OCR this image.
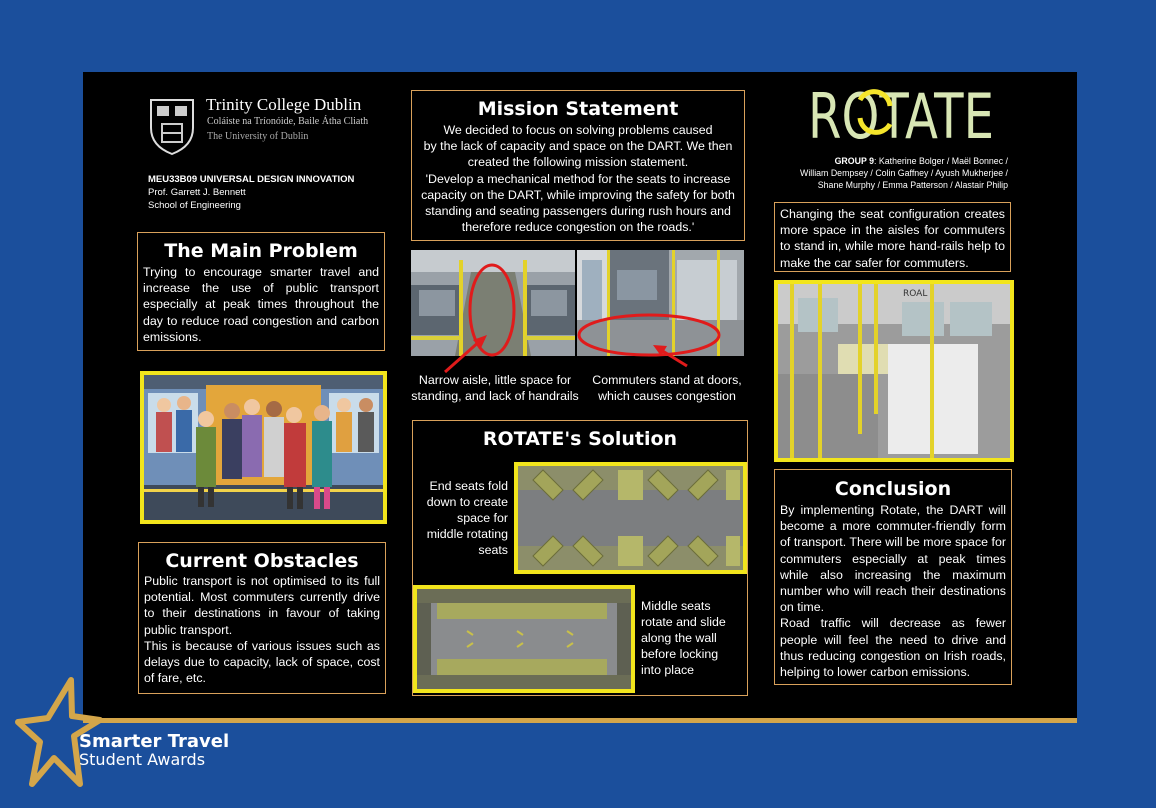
Trinity College Dublin
Coláiste na Tríonóide, Baile Átha Cliath
The University of Dublin
MEU33B09 UNIVERSAL DESIGN INNOVATION
Prof. Garrett J. Bennett
School of Engineering
The Main Problem

Trying to encourage smarter travel and increase the use of public transport especially at peak times throughout the day to reduce road congestion and carbon emissions.

Current Obstacles

Public transport is not optimised to its full potential. Most commuters currently drive to their destinations in favour of taking public transport.

This is because of various issues such as delays due to capacity, lack of space, cost of fare, etc.

Mission Statement

We decided to focus on solving problems caused

by the lack of capacity and space on the DART. We then

created the following mission statement.

'Develop a mechanical method for the seats to increase

capacity on the DART, while improving the safety for both

standing and seating passengers during rush hours and

therefore reduce congestion on the roads.'

Narrow aisle, little space for standing, and lack of handrails
Commuters stand at doors, which causes congestion
ROTATE's Solution
End seats fold down to create space for middle rotating seats
Middle seats rotate and slide along the wall before locking into place
ROTATE
GROUP 9: Katherine Bolger / Maël Bonnec /
William Dempsey / Colin Gaffney / Ayush Mukherjee /
Shane Murphy / Emma Patterson / Alastair Philip

Changing the seat configuration creates more space in the aisles for commuters to stand in, while more hand-rails help to make the car safer for commuters.

ROAL
Conclusion

By implementing Rotate, the DART will become a more commuter-friendly form of transport. There will be more space for commuters especially at peak times while also increasing the maximum number who will reach their destinations on time.

Road traffic will decrease as fewer people will feel the need to drive and thus reducing congestion on Irish roads, helping to lower carbon emissions.

Smarter Travel
Student Awards
